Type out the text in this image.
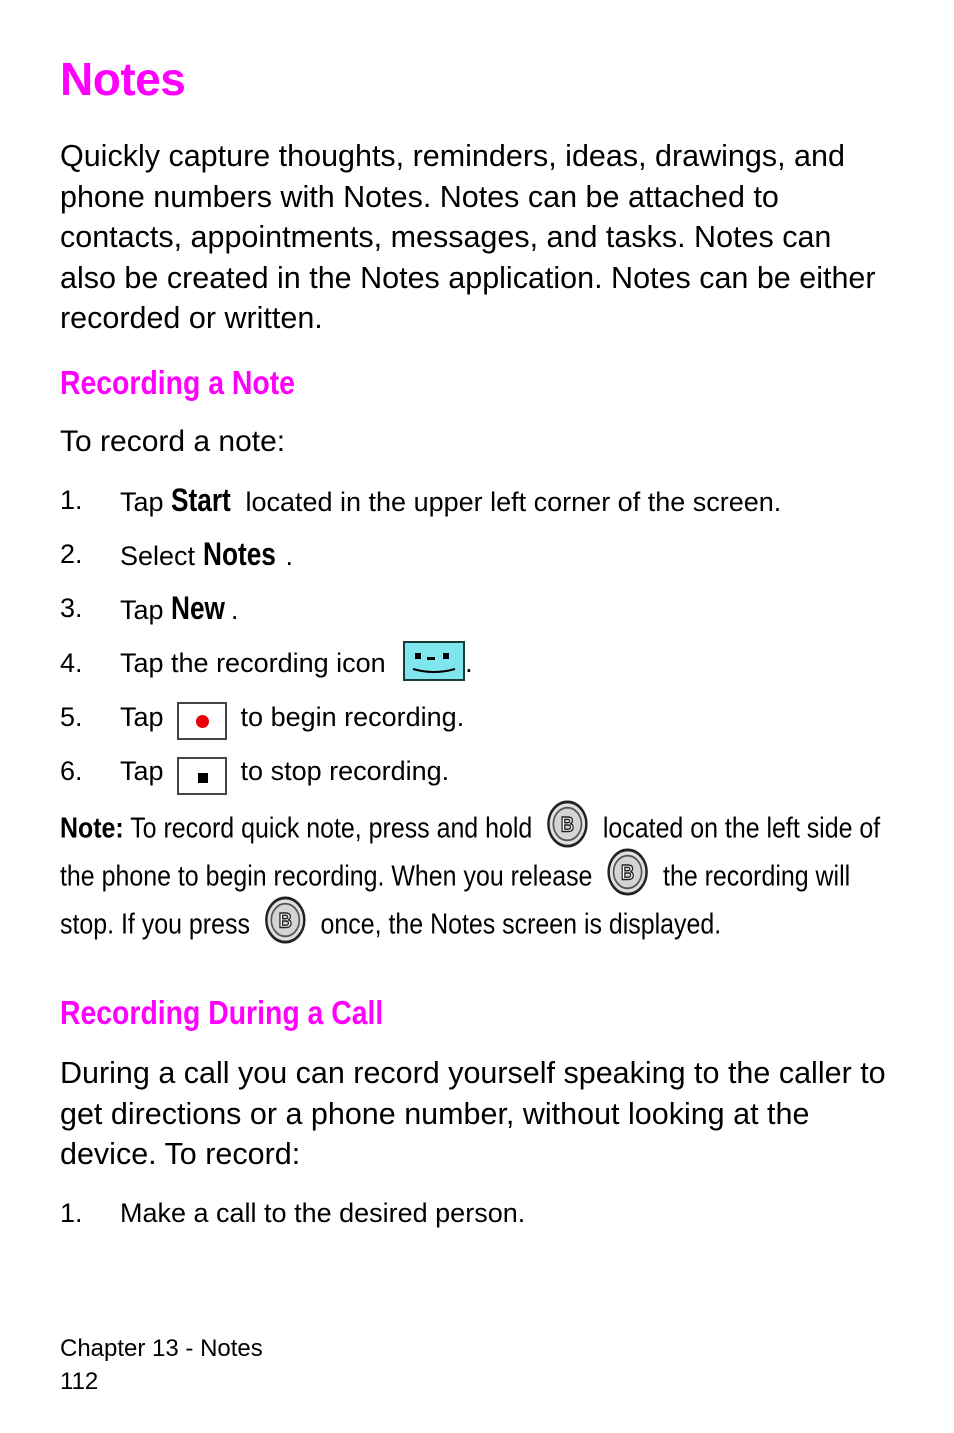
Notes

Quickly capture thoughts, reminders, ideas, drawings, and phone numbers with Notes. Notes can be attached to contacts, appointments, messages, and tasks. Notes can also be created in the Notes application. Notes can be either recorded or written.

Recording a Note

To record a note:

1. Tap Start located in the upper left corner of the screen.
2. Select Notes .
3. Tap New .
4. Tap the recording icon	.
5. Tap
to begin recording.
6. Tap
to stop recording.

Note: To record quick note, press and hold B located on the left side of the phone to begin recording. When you release B the recording will stop. If you press B once, the Notes screen is displayed.

Recording During a Call

During a call you can record yourself speaking to the caller to get directions or a phone number, without looking at the device. To record:

1. Make a call to the desired person.
Chapter 13 - Notes
112
